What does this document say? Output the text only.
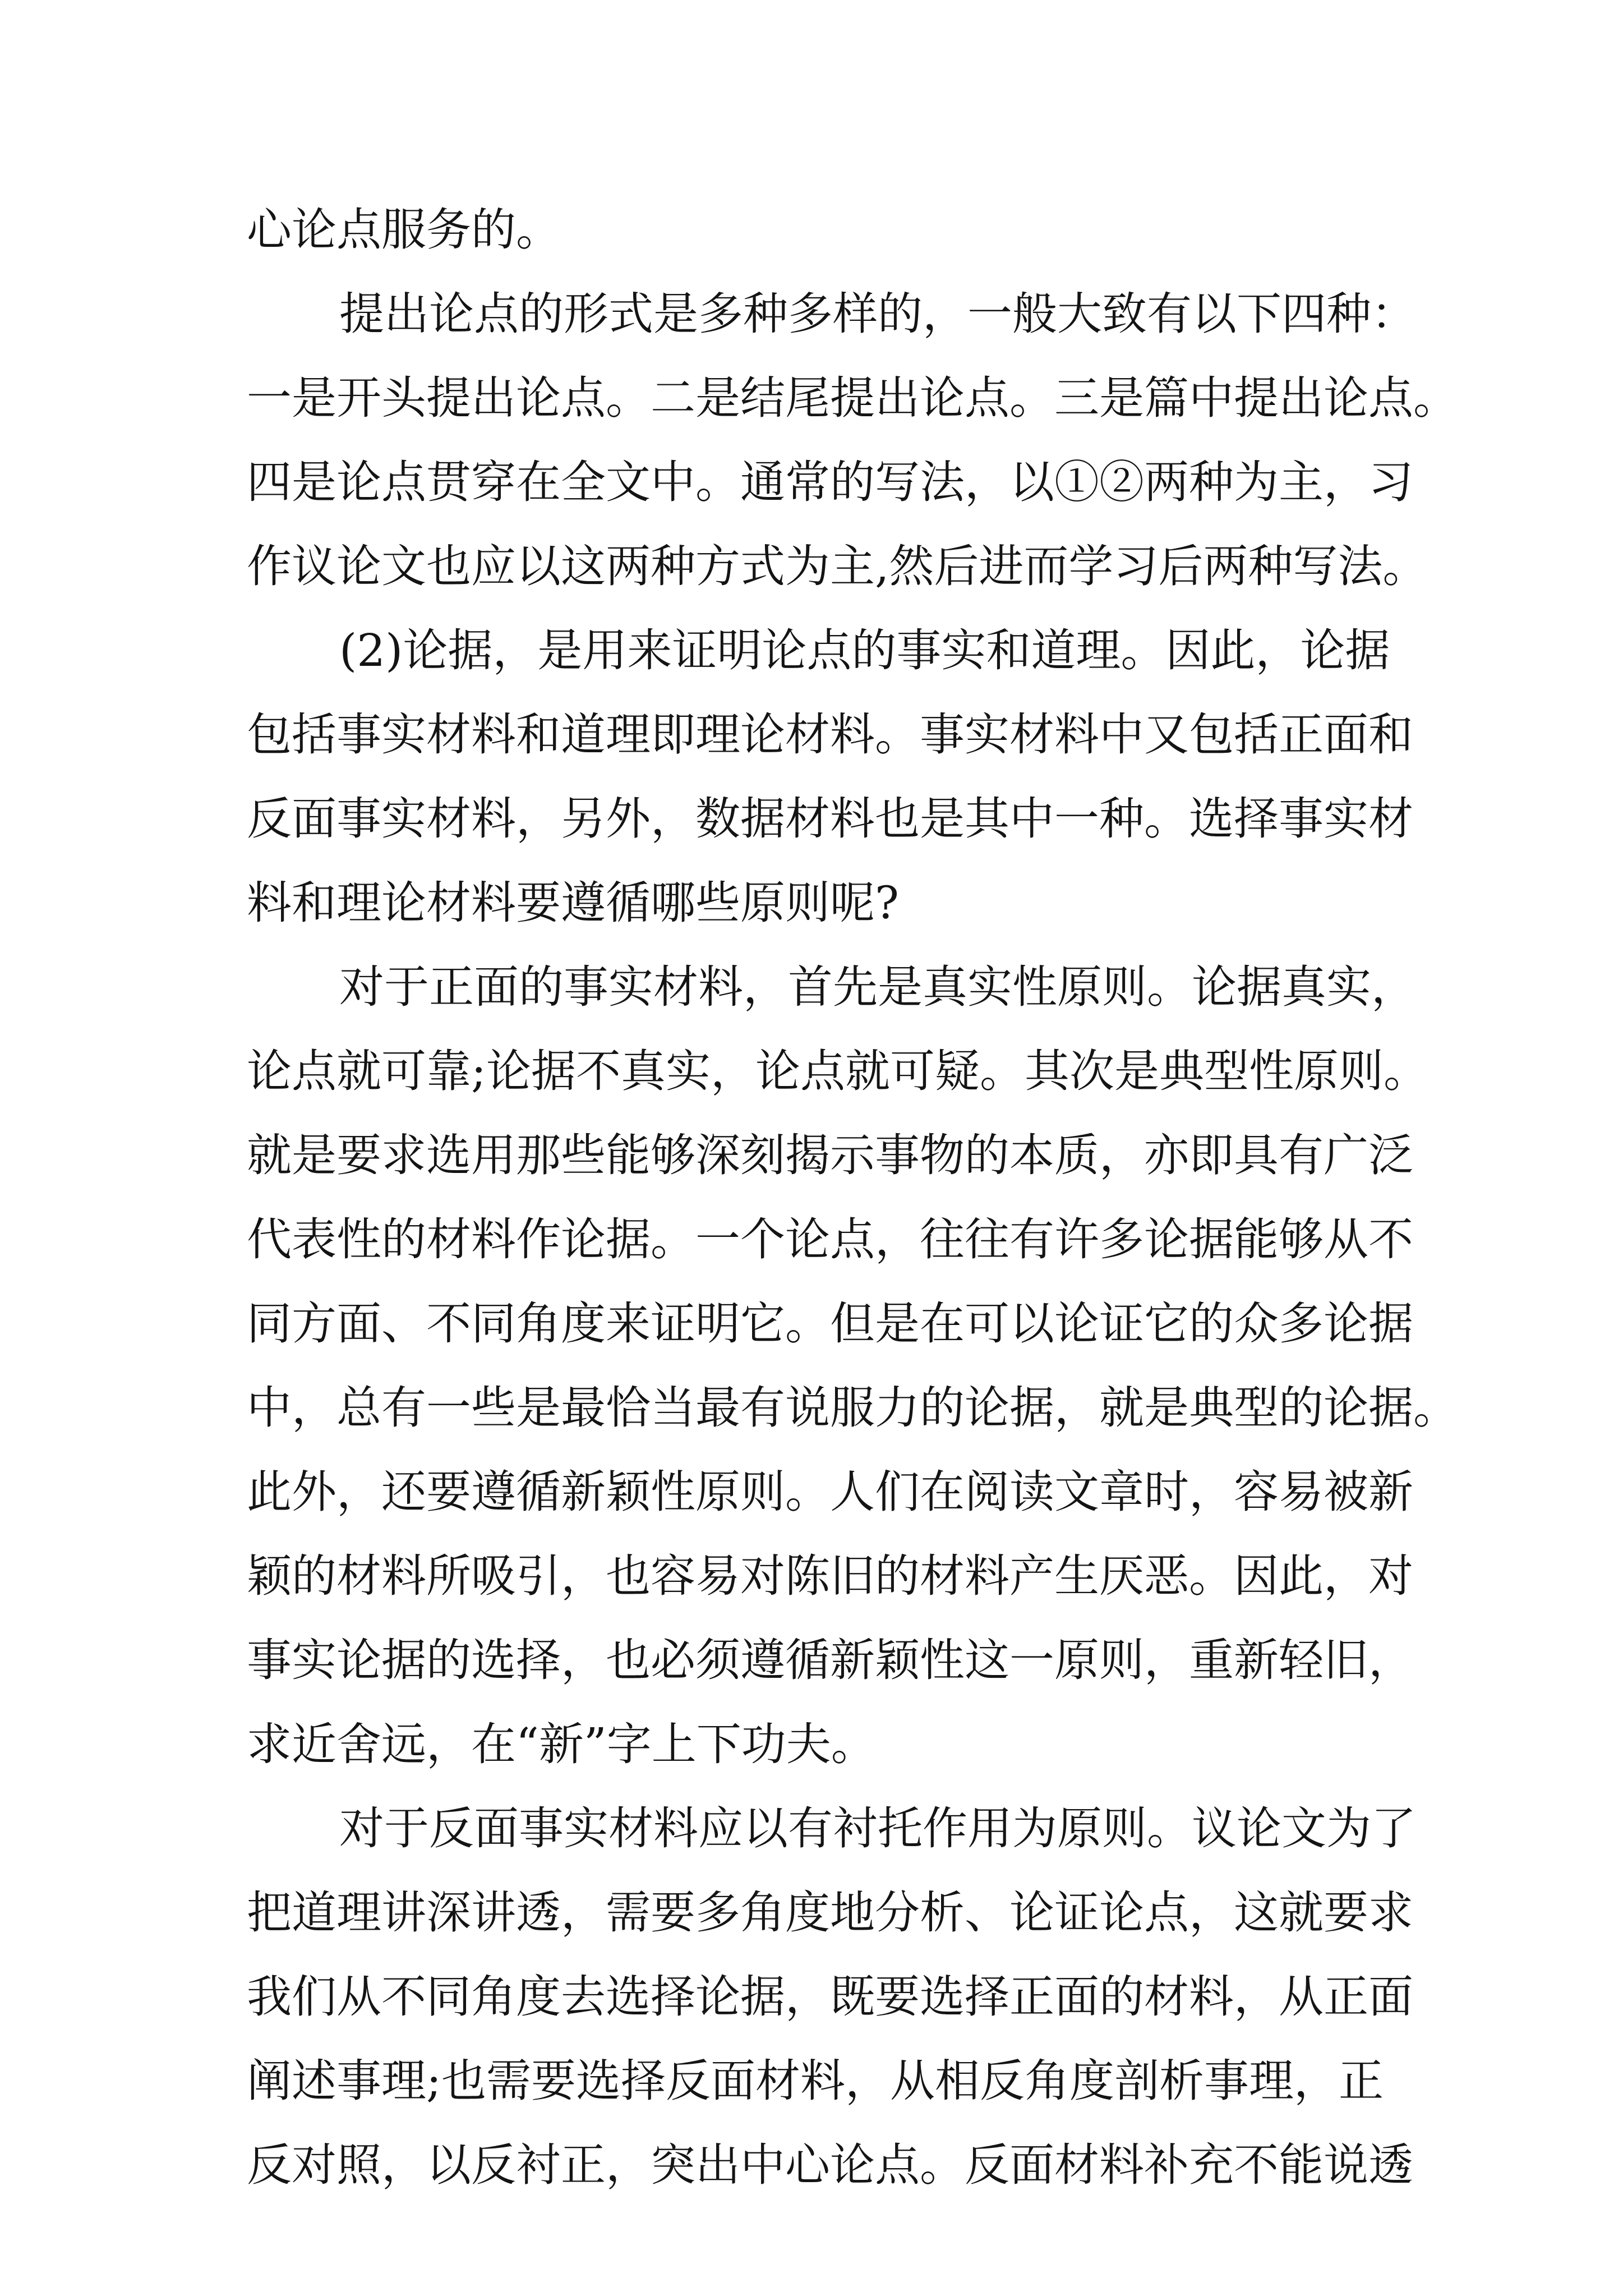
心论点服务的。
提出论点的形式是多种多样的，一般大致有以下四种：
一是开头提出论点。二是结尾提出论点。三是篇中提出论点。
四是论点贯穿在全文中。通常的写法，以①②两种为主，习
作议论文也应以这两种方式为主,然后进而学习后两种写法。
(2)论据，是用来证明论点的事实和道理。因此，论据
包括事实材料和道理即理论材料。事实材料中又包括正面和
反面事实材料，另外，数据材料也是其中一种。选择事实材
料和理论材料要遵循哪些原则呢?
对于正面的事实材料，首先是真实性原则。论据真实，
论点就可靠;论据不真实，论点就可疑。其次是典型性原则。
就是要求选用那些能够深刻揭示事物的本质，亦即具有广泛
代表性的材料作论据。一个论点，往往有许多论据能够从不
同方面、不同角度来证明它。但是在可以论证它的众多论据
中，总有一些是最恰当最有说服力的论据，就是典型的论据。
此外，还要遵循新颖性原则。人们在阅读文章时，容易被新
颖的材料所吸引，也容易对陈旧的材料产生厌恶。因此，对
事实论据的选择，也必须遵循新颖性这一原则，重新轻旧，
求近舍远，在“新”字上下功夫。
对于反面事实材料应以有衬托作用为原则。议论文为了
把道理讲深讲透，需要多角度地分析、论证论点，这就要求
我们从不同角度去选择论据，既要选择正面的材料，从正面
阐述事理;也需要选择反面材料，从相反角度剖析事理，正
反对照，以反衬正，突出中心论点。反面材料补充不能说透
